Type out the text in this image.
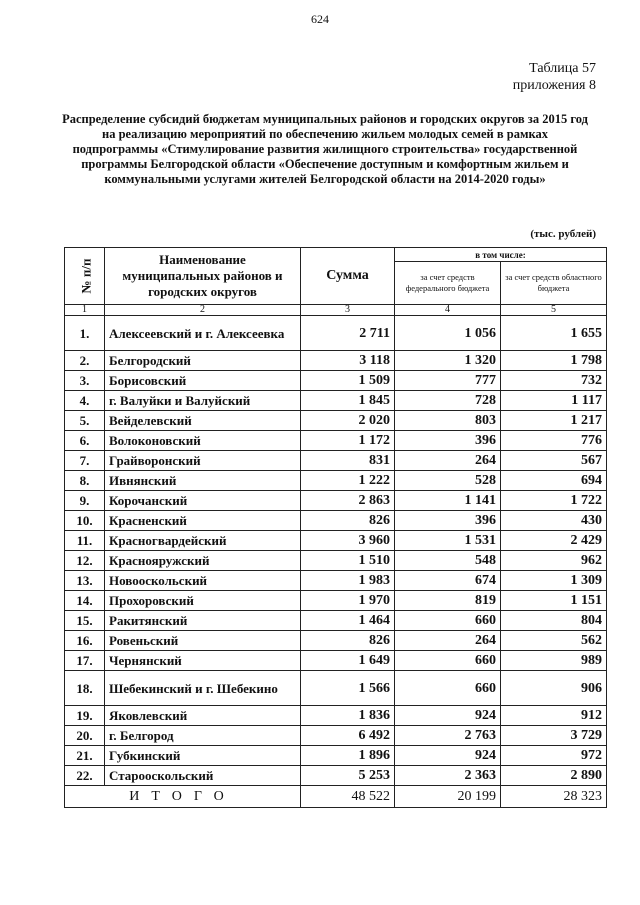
624
Таблица 57
приложения 8
Распределение субсидий бюджетам муниципальных районов и городских округов за 2015 год на реализацию мероприятий по обеспечению жильем молодых семей в рамках подпрограммы «Стимулирование развития жилищного строительства» государственной программы Белгородской области «Обеспечение доступным и комфортным жильем и коммунальными услугами жителей Белгородской области на 2014-2020 годы»
(тыс. рублей)
№ п/п	Наименование муниципальных районов и городских округов	Сумма	в том числе:	
			за счет средств федерального бюджета	за счет средств областного бюджета
1	2	3	4	5
1.	Алексеевский и г. Алексеевка	2 711	1 056	1 655
2.	Белгородский	3 118	1 320	1 798
3.	Борисовский	1 509	777	732
4.	г. Валуйки и Валуйский	1 845	728	1 117
5.	Вейделевский	2 020	803	1 217
6.	Волоконовский	1 172	396	776
7.	Грайворонский	831	264	567
8.	Ивнянский	1 222	528	694
9.	Корочанский	2 863	1 141	1 722
10.	Красненский	826	396	430
11.	Красногвардейский	3 960	1 531	2 429
12.	Краснояружский	1 510	548	962
13.	Новооскольский	1 983	674	1 309
14.	Прохоровский	1 970	819	1 151
15.	Ракитянский	1 464	660	804
16.	Ровеньский	826	264	562
17.	Чернянский	1 649	660	989
18.	Шебекинский и г. Шебекино	1 566	660	906
19.	Яковлевский	1 836	924	912
20.	г. Белгород	6 492	2 763	3 729
21.	Губкинский	1 896	924	972
22.	Старооскольский	5 253	2 363	2 890
ИТОГО		48 522	20 199	28 323
